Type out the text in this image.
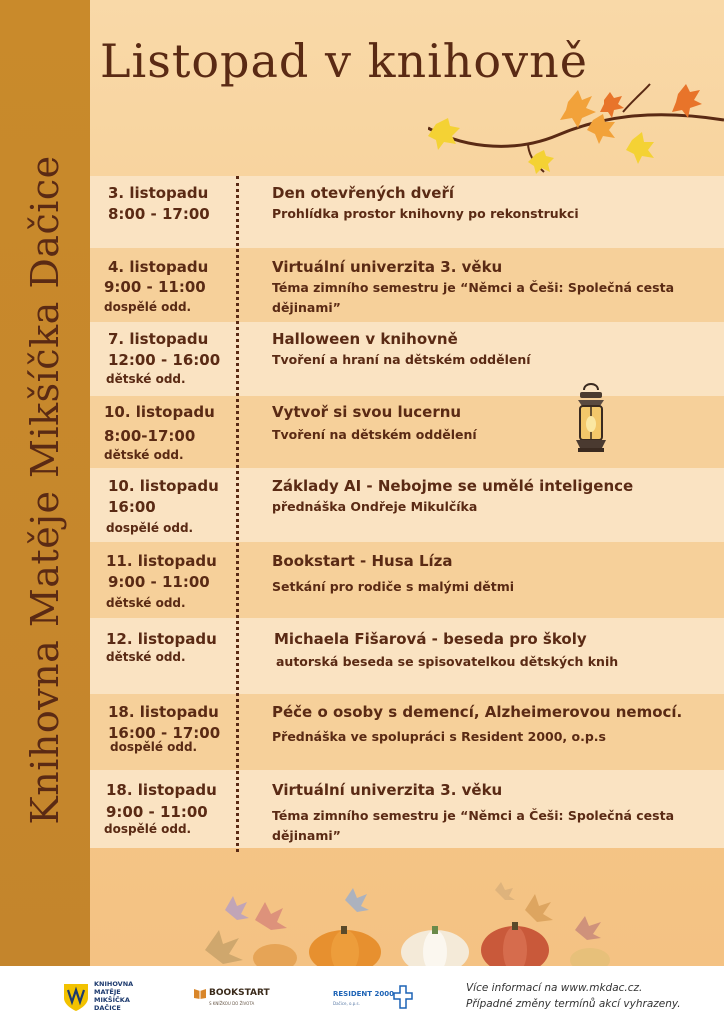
Knihovna Matěje Mikšíčka Dačice
Listopad v knihovně
3. listopadu
8:00 - 17:00
Den otevřených dveří
Prohlídka prostor knihovny po rekonstrukci
4. listopadu
9:00 - 11:00
dospělé odd.
Virtuální univerzita 3. věku
Téma zimního semestru je “Němci a Češi: Společná cesta
dějinami”
7. listopadu
12:00 - 16:00
dětské odd.
Halloween v knihovně
Tvoření a hraní na dětském oddělení
10. listopadu
8:00-17:00
dětské odd.
Vytvoř si svou lucernu
Tvoření na dětském oddělení
10. listopadu
16:00
dospělé odd.
Základy AI - Nebojme se umělé inteligence
přednáška Ondřeje Mikulčíka
11. listopadu
9:00 - 11:00
dětské odd.
Bookstart - Husa Líza
Setkání pro rodiče s malými dětmi
12. listopadu
dětské odd.
Michaela Fišarová - beseda pro školy
autorská beseda se spisovatelkou dětských knih
18. listopadu
16:00 - 17:00
dospělé odd.
Péče o osoby s demencí, Alzheimerovou nemocí.
Přednáška ve spolupráci s Resident 2000, o.p.s
18. listopadu
9:00 - 11:00
dospělé odd.
Virtuální univerzita 3. věku
Téma zimního semestru je “Němci a Češi: Společná cesta
dějinami”
KNIHOVNA
MATĚJE
MIKŠÍČKA
DAČICE
BOOKSTART
S KNÍŽKOU DO ŽIVOTA
RESIDENT 2000
Dačice, o.p.s.
Více informací na www.mkdac.cz.
Případné změny termínů akcí vyhrazeny.
